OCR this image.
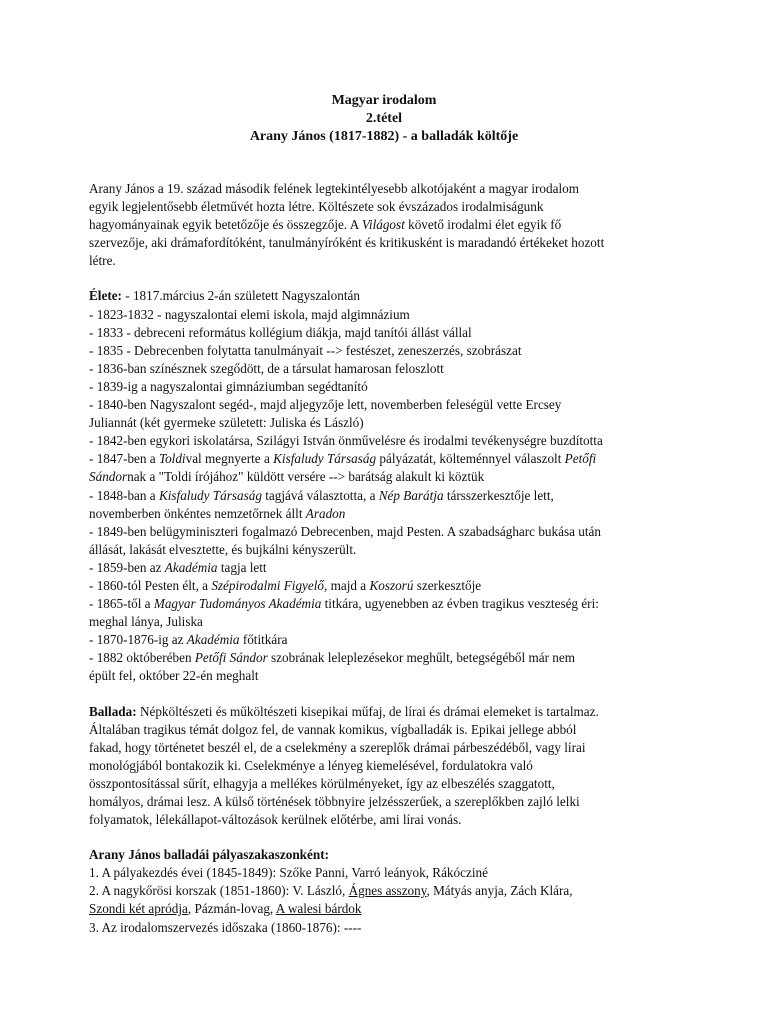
Magyar irodalom
2.tétel
Arany János (1817-1882) - a balladák költője

Arany János a 19. század második felének legtekintélyesebb alkotójaként a magyar irodalom

egyik legjelentősebb életművét hozta létre. Költészete sok évszázados irodalmiságunk

hagyományainak egyik betetőzője és összegzője. A Világost követő irodalmi élet egyik fő

szervezője, aki drámafordítóként, tanulmányíróként és kritikusként is maradandó értékeket hozott

létre.

Élete: - 1817.március 2-án született Nagyszalontán

- 1823-1832 - nagyszalontai elemi iskola, majd algimnázium

- 1833 - debreceni református kollégium diákja, majd tanítói állást vállal

- 1835 - Debrecenben folytatta tanulmányait --> festészet, zeneszerzés, szobrászat

- 1836-ban színésznek szegődött, de a társulat hamarosan feloszlott

- 1839-ig a nagyszalontai gimnáziumban segédtanító

- 1840-ben Nagyszalont segéd-, majd aljegyzője lett, novemberben feleségül vette Ercsey

Juliannát (két gyermeke született: Juliska és László)

- 1842-ben egykori iskolatársa, Szilágyi István önművelésre és irodalmi tevékenységre buzdította

- 1847-ben a Toldival megnyerte a Kisfaludy Társaság pályázatát, költeménnyel válaszolt Petőfi

Sándornak a "Toldi írójához" küldött versére --> barátság alakult ki köztük

- 1848-ban a Kisfaludy Társaság tagjává választotta, a Nép Barátja társszerkesztője lett,

novemberben önkéntes nemzetőrnek állt Aradon

- 1849-ben belügyminiszteri fogalmazó Debrecenben, majd Pesten. A szabadságharc bukása után

állását, lakását elvesztette, és bujkálni kényszerült.

- 1859-ben az Akadémia tagja lett

- 1860-tól Pesten élt, a Szépirodalmi Figyelő, majd a Koszorú szerkesztője

- 1865-től a Magyar Tudományos Akadémia titkára, ugyenebben az évben tragikus veszteség éri:

meghal lánya, Juliska

- 1870-1876-ig az Akadémia főtitkára

- 1882 októberében Petőfi Sándor szobrának leleplezésekor meghűlt, betegségéből már nem

épült fel, október 22-én meghalt

Ballada: Népköltészeti és műköltészeti kisepikai műfaj, de lírai és drámai elemeket is tartalmaz.

Általában tragikus témát dolgoz fel, de vannak komikus, vígballadák is. Epikai jellege abból

fakad, hogy történetet beszél el, de a cselekmény a szereplők drámai párbeszédéből, vagy lírai

monológjából bontakozik ki. Cselekménye a lényeg kiemelésével, fordulatokra való

összpontosítással sűrít, elhagyja a mellékes körülményeket, így az elbeszélés szaggatott,

homályos, drámai lesz. A külső történések többnyire jelzésszerűek, a szereplőkben zajló lelki

folyamatok, lélekállapot-változások kerülnek előtérbe, ami lírai vonás.

Arany János balladái pályaszakaszonként:

1. A pályakezdés évei (1845-1849): Szőke Panni, Varró leányok, Rákócziné

2. A nagykőrösi korszak (1851-1860): V. László, Ágnes asszony, Mátyás anyja, Zách Klára,

Szondi két apródja, Pázmán-lovag, A walesi bárdok

3. Az irodalomszervezés időszaka (1860-1876): ----
